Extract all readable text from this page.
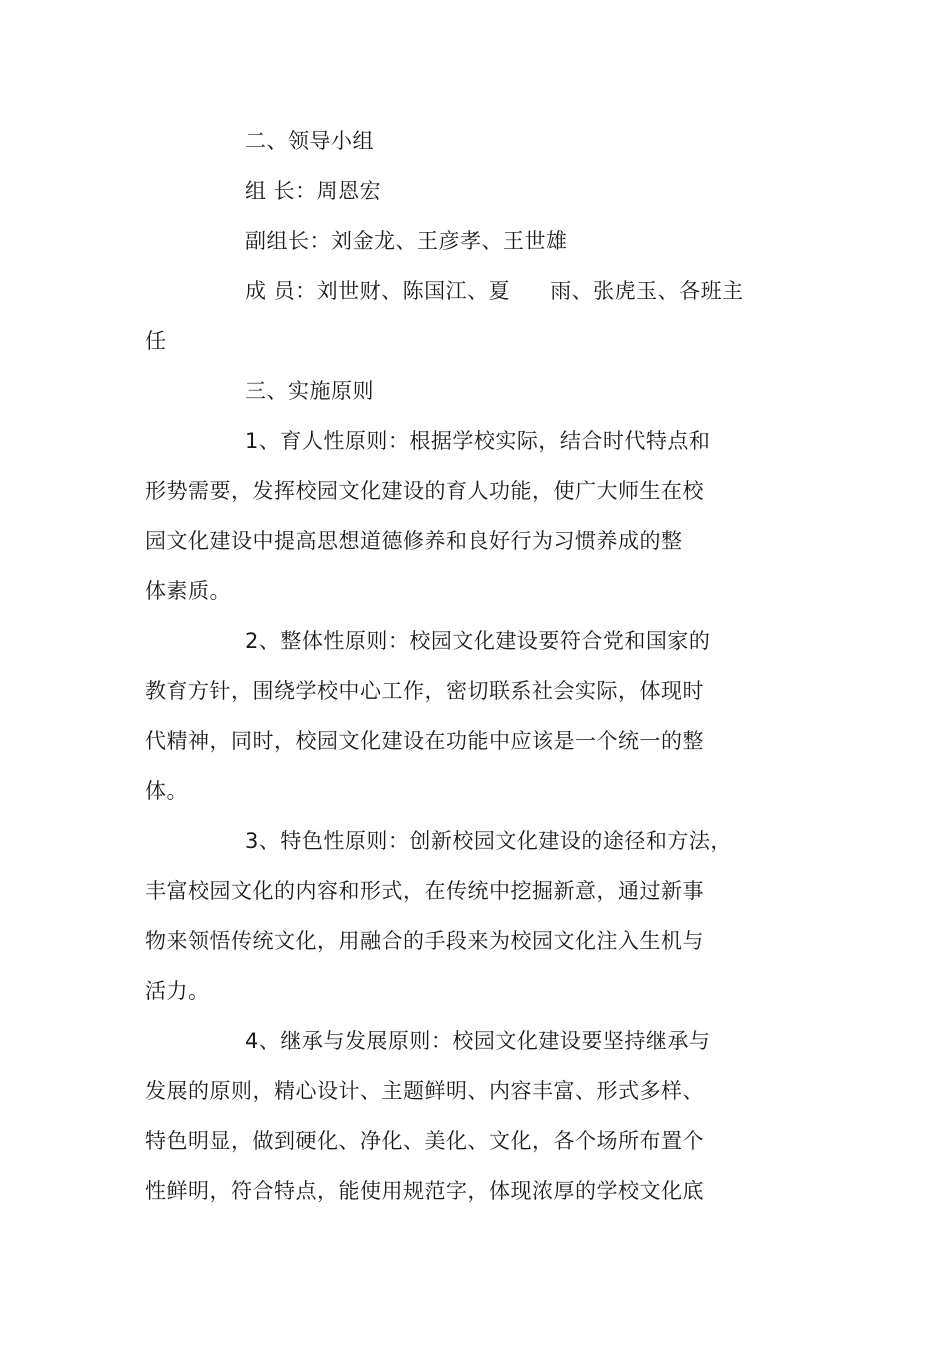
二、领导小组
组 长：周恩宏
副组长：刘金龙、王彦孝、王世雄
成 员：刘世财、陈国江、夏 雨、张虎玉、各班主
任
三、实施原则
1、育人性原则：根据学校实际，结合时代特点和
形势需要，发挥校园文化建设的育人功能，使广大师生在校
园文化建设中提高思想道德修养和良好行为习惯养成的整
体素质。
2、整体性原则：校园文化建设要符合党和国家的
教育方针，围绕学校中心工作，密切联系社会实际，体现时
代精神，同时，校园文化建设在功能中应该是一个统一的整
体。
3、特色性原则：创新校园文化建设的途径和方法，
丰富校园文化的内容和形式，在传统中挖掘新意，通过新事
物来领悟传统文化，用融合的手段来为校园文化注入生机与
活力。
4、继承与发展原则：校园文化建设要坚持继承与
发展的原则，精心设计、主题鲜明、内容丰富、形式多样、
特色明显，做到硬化、净化、美化、文化，各个场所布置个
性鲜明，符合特点，能使用规范字，体现浓厚的学校文化底
